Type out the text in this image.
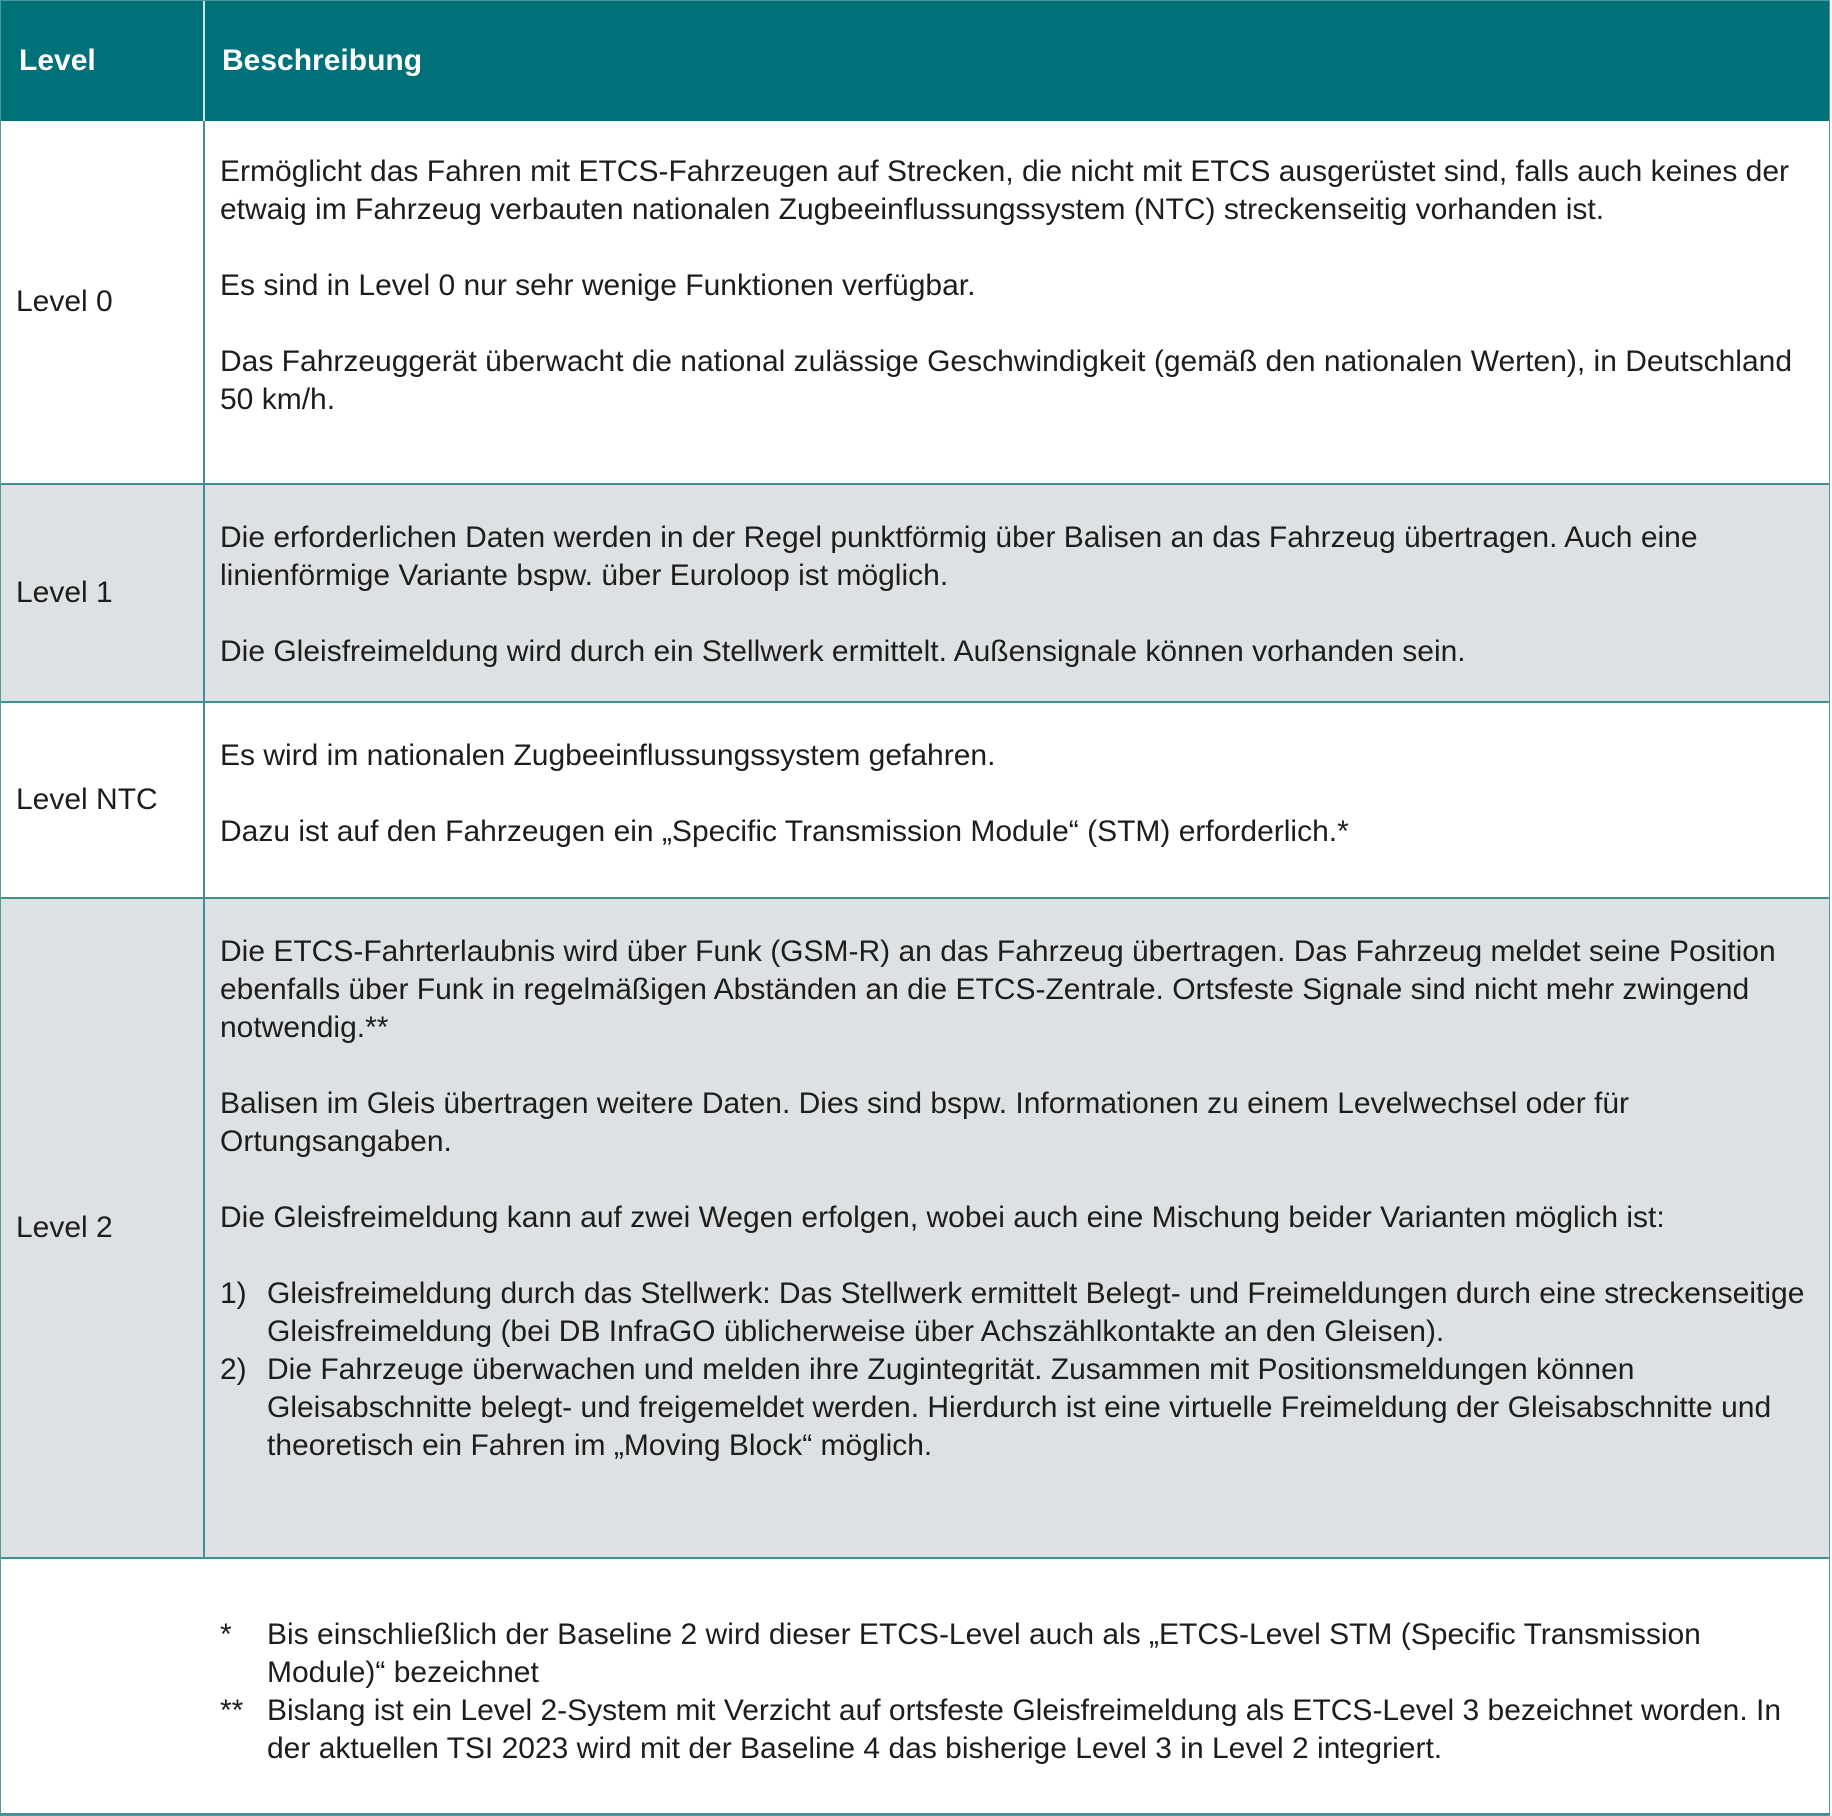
Level	Beschreibung
Level 0

Ermöglicht das Fahren mit ETCS-Fahrzeugen auf Strecken, die nicht mit ETCS ausgerüstet sind, falls auch keines der etwaig im Fahrzeug verbauten nationalen Zugbeeinflussungssystem (NTC) streckenseitig vorhanden ist.

Es sind in Level 0 nur sehr wenige Funktionen verfügbar.

Das Fahrzeuggerät überwacht die national zulässige Geschwindigkeit (gemäß den nationalen Werten), in Deutschland 50 km/h.

Level 1

Die erforderlichen Daten werden in der Regel punktförmig über Balisen an das Fahrzeug übertragen. Auch eine linienförmige Variante bspw. über Euroloop ist möglich.

Die Gleisfreimeldung wird durch ein Stellwerk ermittelt. Außensignale können vorhanden sein.

Level NTC

Es wird im nationalen Zugbeeinflussungssystem gefahren.

Dazu ist auf den Fahrzeugen ein „Specific Transmission Module“ (STM) erforderlich.*

Level 2

Die ETCS-Fahrterlaubnis wird über Funk (GSM-R) an das Fahrzeug übertragen. Das Fahrzeug meldet seine Position ebenfalls über Funk in regelmäßigen Abständen an die ETCS-Zentrale. Ortsfeste Signale sind nicht mehr zwingend notwendig.**

Balisen im Gleis übertragen weitere Daten. Dies sind bspw. Informationen zu einem Levelwechsel oder für Ortungsangaben.

Die Gleisfreimeldung kann auf zwei Wegen erfolgen, wobei auch eine Mischung beider Varianten möglich ist:

1) Gleisfreimeldung durch das Stellwerk: Das Stellwerk ermittelt Belegt- und Freimeldungen durch eine streckenseitige Gleisfreimeldung (bei DB InfraGO üblicherweise über Achszählkontakte an den Gleisen).
2) Die Fahrzeuge überwachen und melden ihre Zugintegrität. Zusammen mit Positionsmeldungen können Gleisabschnitte belegt- und freigemeldet werden. Hierdurch ist eine virtuelle Freimeldung der Gleisabschnitte und theoretisch ein Fahren im „Moving Block“ möglich.
*	Bis einschließlich der Baseline 2 wird dieser ETCS-Level auch als „ETCS-Level STM (Specific Transmission Module)“ bezeichnet
** Bislang ist ein Level 2-System mit Verzicht auf ortsfeste Gleisfreimeldung als ETCS-Level 3 bezeichnet worden. In der aktuellen TSI 2023 wird mit der Baseline 4 das bisherige Level 3 in Level 2 integriert.
